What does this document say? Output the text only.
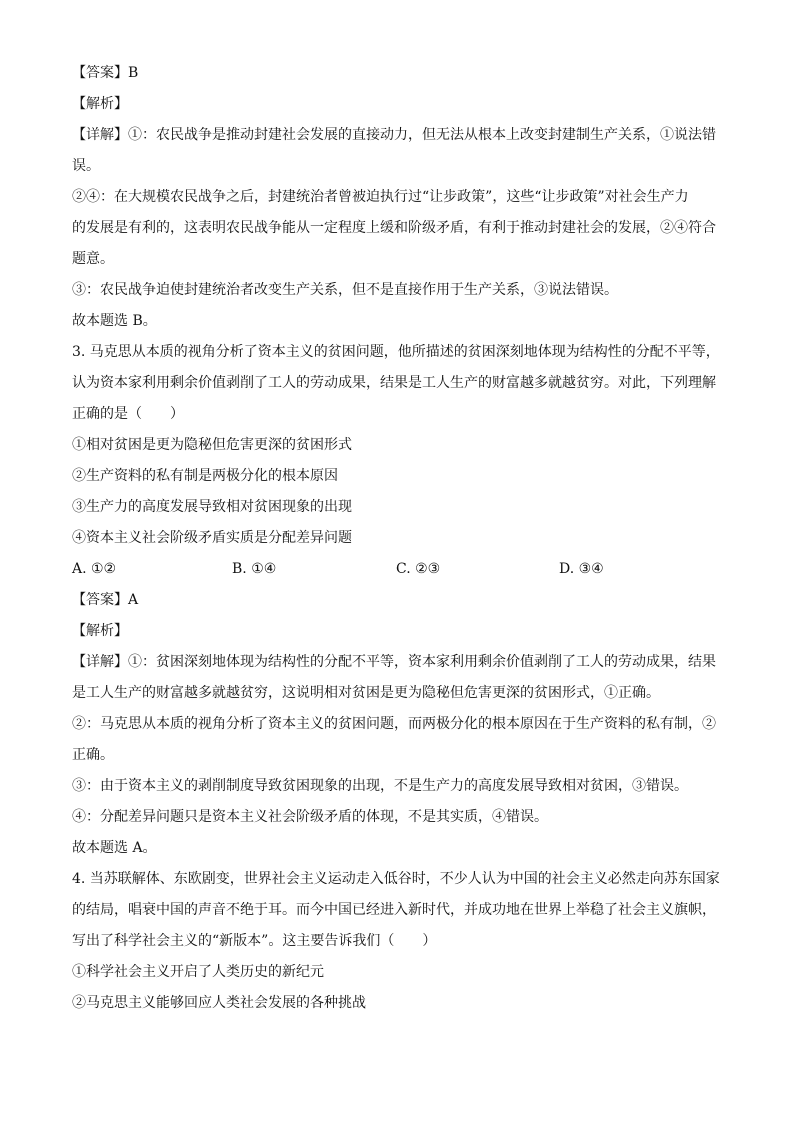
【答案】B
【解析】
【详解】①：农民战争是推动封建社会发展的直接动力，但无法从根本上改变封建制生产关系，①说法错
误。
②④：在大规模农民战争之后，封建统治者曾被迫执行过“让步政策”，这些“让步政策”对社会生产力
的发展是有利的，这表明农民战争能从一定程度上缓和阶级矛盾，有利于推动封建社会的发展，②④符合
题意。
③：农民战争迫使封建统治者改变生产关系，但不是直接作用于生产关系，③说法错误。
故本题选 B。
3. 马克思从本质的视角分析了资本主义的贫困问题，他所描述的贫困深刻地体现为结构性的分配不平等，
认为资本家利用剩余价值剥削了工人的劳动成果，结果是工人生产的财富越多就越贫穷。对此，下列理解
正确的是（　　）
①相对贫困是更为隐秘但危害更深的贫困形式
②生产资料的私有制是两极分化的根本原因
③生产力的高度发展导致相对贫困现象的出现
④资本主义社会阶级矛盾实质是分配差异问题
A. ①②	B. ①④	C. ②③	D. ③④
【答案】A
【解析】
【详解】①：贫困深刻地体现为结构性的分配不平等，资本家利用剩余价值剥削了工人的劳动成果，结果
是工人生产的财富越多就越贫穷，这说明相对贫困是更为隐秘但危害更深的贫困形式，①正确。
②：马克思从本质的视角分析了资本主义的贫困问题，而两极分化的根本原因在于生产资料的私有制，②
正确。
③：由于资本主义的剥削制度导致贫困现象的出现，不是生产力的高度发展导致相对贫困，③错误。
④：分配差异问题只是资本主义社会阶级矛盾的体现，不是其实质，④错误。
故本题选 A。
4. 当苏联解体、东欧剧变，世界社会主义运动走入低谷时，不少人认为中国的社会主义必然走向苏东国家
的结局，唱衰中国的声音不绝于耳。而今中国已经进入新时代，并成功地在世界上举稳了社会主义旗帜，
写出了科学社会主义的“新版本”。这主要告诉我们（　　）
①科学社会主义开启了人类历史的新纪元
②马克思主义能够回应人类社会发展的各种挑战
